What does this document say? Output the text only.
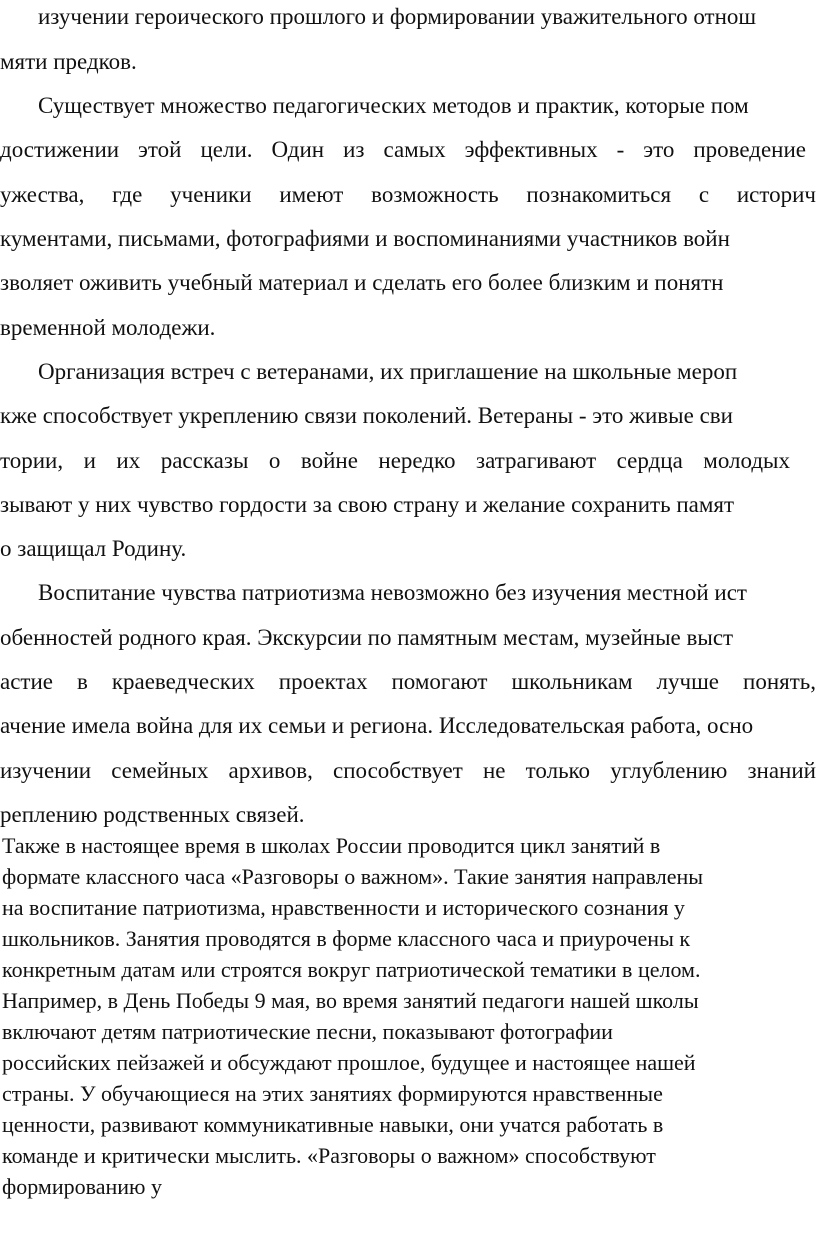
изучении героического прошлого и формировании уважительного отнош
мяти предков.
Существует множество педагогических методов и практик, которые пом
достижении этой цели. Один из самых эффективных - это проведение
ужества, где ученики имеют возможность познакомиться с историч
кументами, письмами, фотографиями и воспоминаниями участников войн
зволяет оживить учебный материал и сделать его более близким и понятн
временной молодежи.
Организация встреч с ветеранами, их приглашение на школьные мероп
кже способствует укреплению связи поколений. Ветераны - это живые сви
тории, и их рассказы о войне нередко затрагивают сердца молодых
зывают у них чувство гордости за свою страну и желание сохранить памят
о защищал Родину.
Воспитание чувства патриотизма невозможно без изучения местной ист
обенностей родного края. Экскурсии по памятным местам, музейные выст
астие в краеведческих проектах помогают школьникам лучше понять,
ачение имела война для их семьи и региона. Исследовательская работа, осно
изучении семейных архивов, способствует не только углублению знаний
реплению родственных связей.
Также в настоящее время в школах России проводится цикл занятий в
формате классного часа «Разговоры о важном». Такие занятия направлены
на воспитание патриотизма, нравственности и исторического сознания у
школьников. Занятия проводятся в форме классного часа и приурочены к
конкретным датам или строятся вокруг патриотической тематики в целом.
Например, в День Победы 9 мая, во время занятий педагоги нашей школы
включают детям патриотические песни, показывают фотографии
российских пейзажей и обсуждают прошлое, будущее и настоящее нашей
страны. У обучающиеся на этих занятиях формируются нравственные
ценности, развивают коммуникативные навыки, они учатся работать в
команде и критически мыслить. «Разговоры о важном» способствуют
формированию у
